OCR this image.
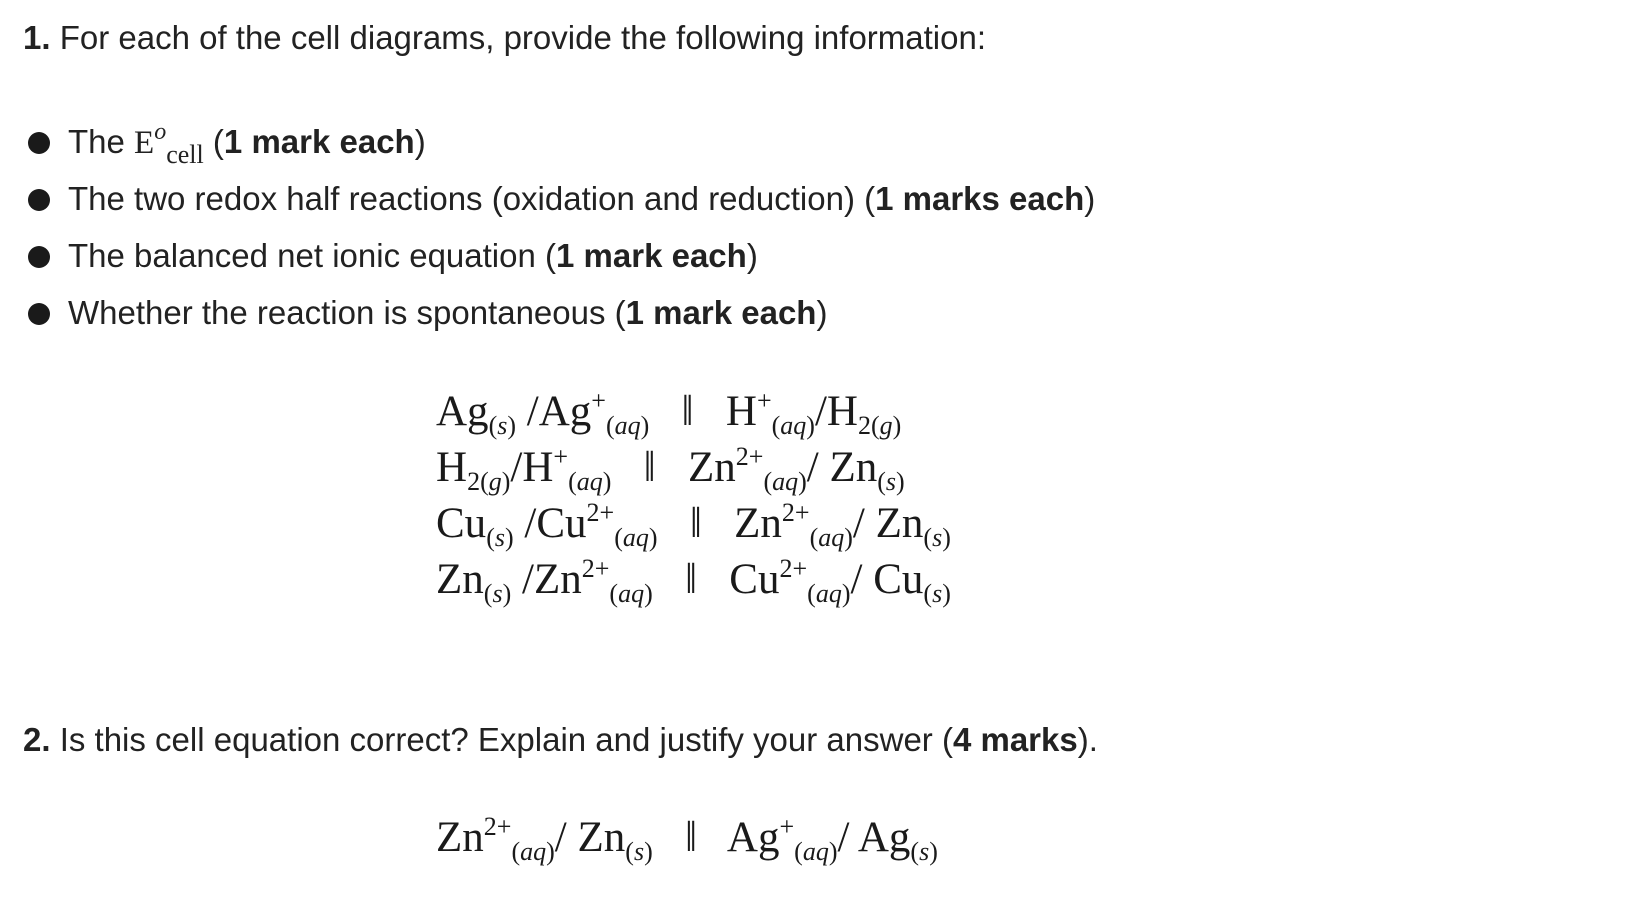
1. For each of the cell diagrams, provide the following information:
The $E^o_{cell}$ (1 mark each)
The two redox half reactions (oxidation and reduction) (1 marks each)
The balanced net ionic equation (1 mark each)
Whether the reaction is spontaneous (1 mark each)
$Ag_{(s)}$ $/Ag^+_{(aq)}$   ‖   $H^+_{(aq)}/H_{2(g)}$
$H_{2(g)}/H^+_{(aq)}$   ‖   $Zn^{2+}_{(aq)}/$ $Zn_{(s)}$
$Cu_{(s)}$ $/Cu^{2+}_{(aq)}$   ‖   $Zn^{2+}_{(aq)}/$ $Zn_{(s)}$
$Zn_{(s)}$ $/Zn^{2+}_{(aq)}$   ‖   $Cu^{2+}_{(aq)}/$ $Cu_{(s)}$
2. Is this cell equation correct? Explain and justify your answer (4 marks).
$Zn^{2+}_{(aq)}/$ $Zn_{(s)}$   ‖   $Ag^+_{(aq)}/$ $Ag_{(s)}$
